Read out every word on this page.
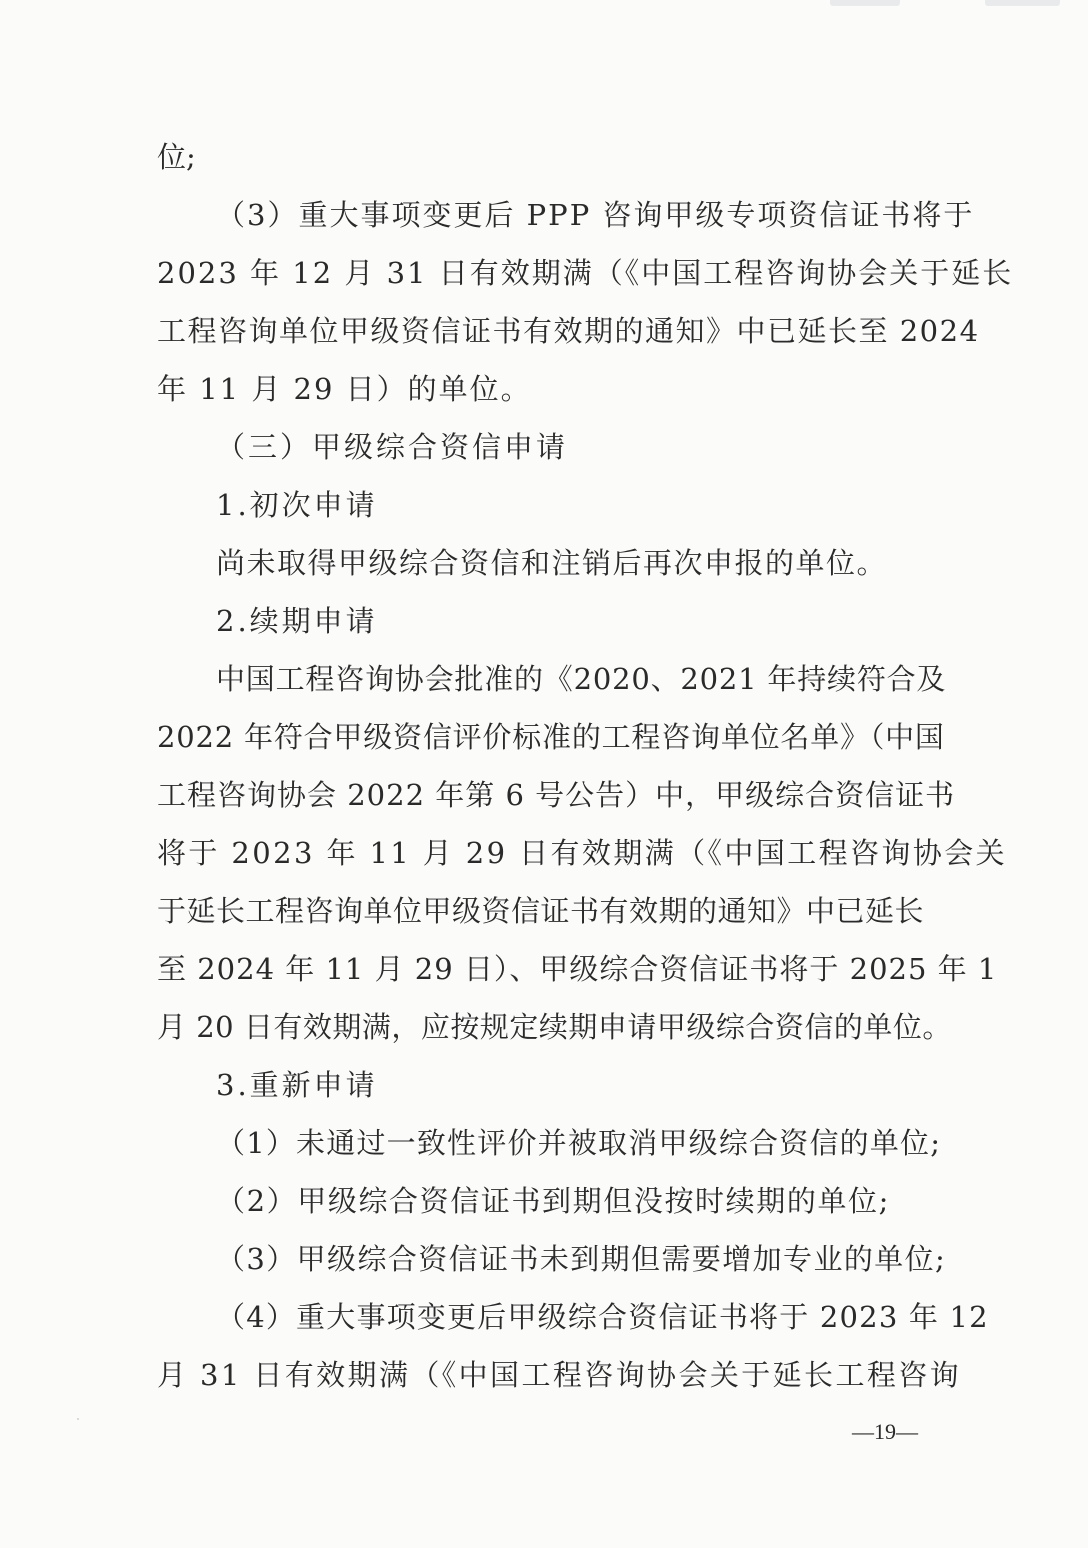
位;

（3）重大事项变更后 PPP 咨询甲级专项资信证书将于

2023 年 12 月 31 日有效期满（《中国工程咨询协会关于延长

工程咨询单位甲级资信证书有效期的通知》中已延长至 2024

年 11 月 29 日）的单位。

（三）甲级综合资信申请

1.初次申请

尚未取得甲级综合资信和注销后再次申报的单位。

2.续期申请

中国工程咨询协会批准的《2020、2021 年持续符合及

2022 年符合甲级资信评价标准的工程咨询单位名单》（中国

工程咨询协会 2022 年第 6 号公告）中，甲级综合资信证书

将于 2023 年 11 月 29 日有效期满（《中国工程咨询协会关

于延长工程咨询单位甲级资信证书有效期的通知》中已延长

至 2024 年 11 月 29 日）、甲级综合资信证书将于 2025 年 1

月 20 日有效期满，应按规定续期申请甲级综合资信的单位。

3.重新申请

（1）未通过一致性评价并被取消甲级综合资信的单位;

（2）甲级综合资信证书到期但没按时续期的单位;

（3）甲级综合资信证书未到期但需要增加专业的单位;

（4）重大事项变更后甲级综合资信证书将于 2023 年 12

月 31 日有效期满（《中国工程咨询协会关于延长工程咨询

—19—
